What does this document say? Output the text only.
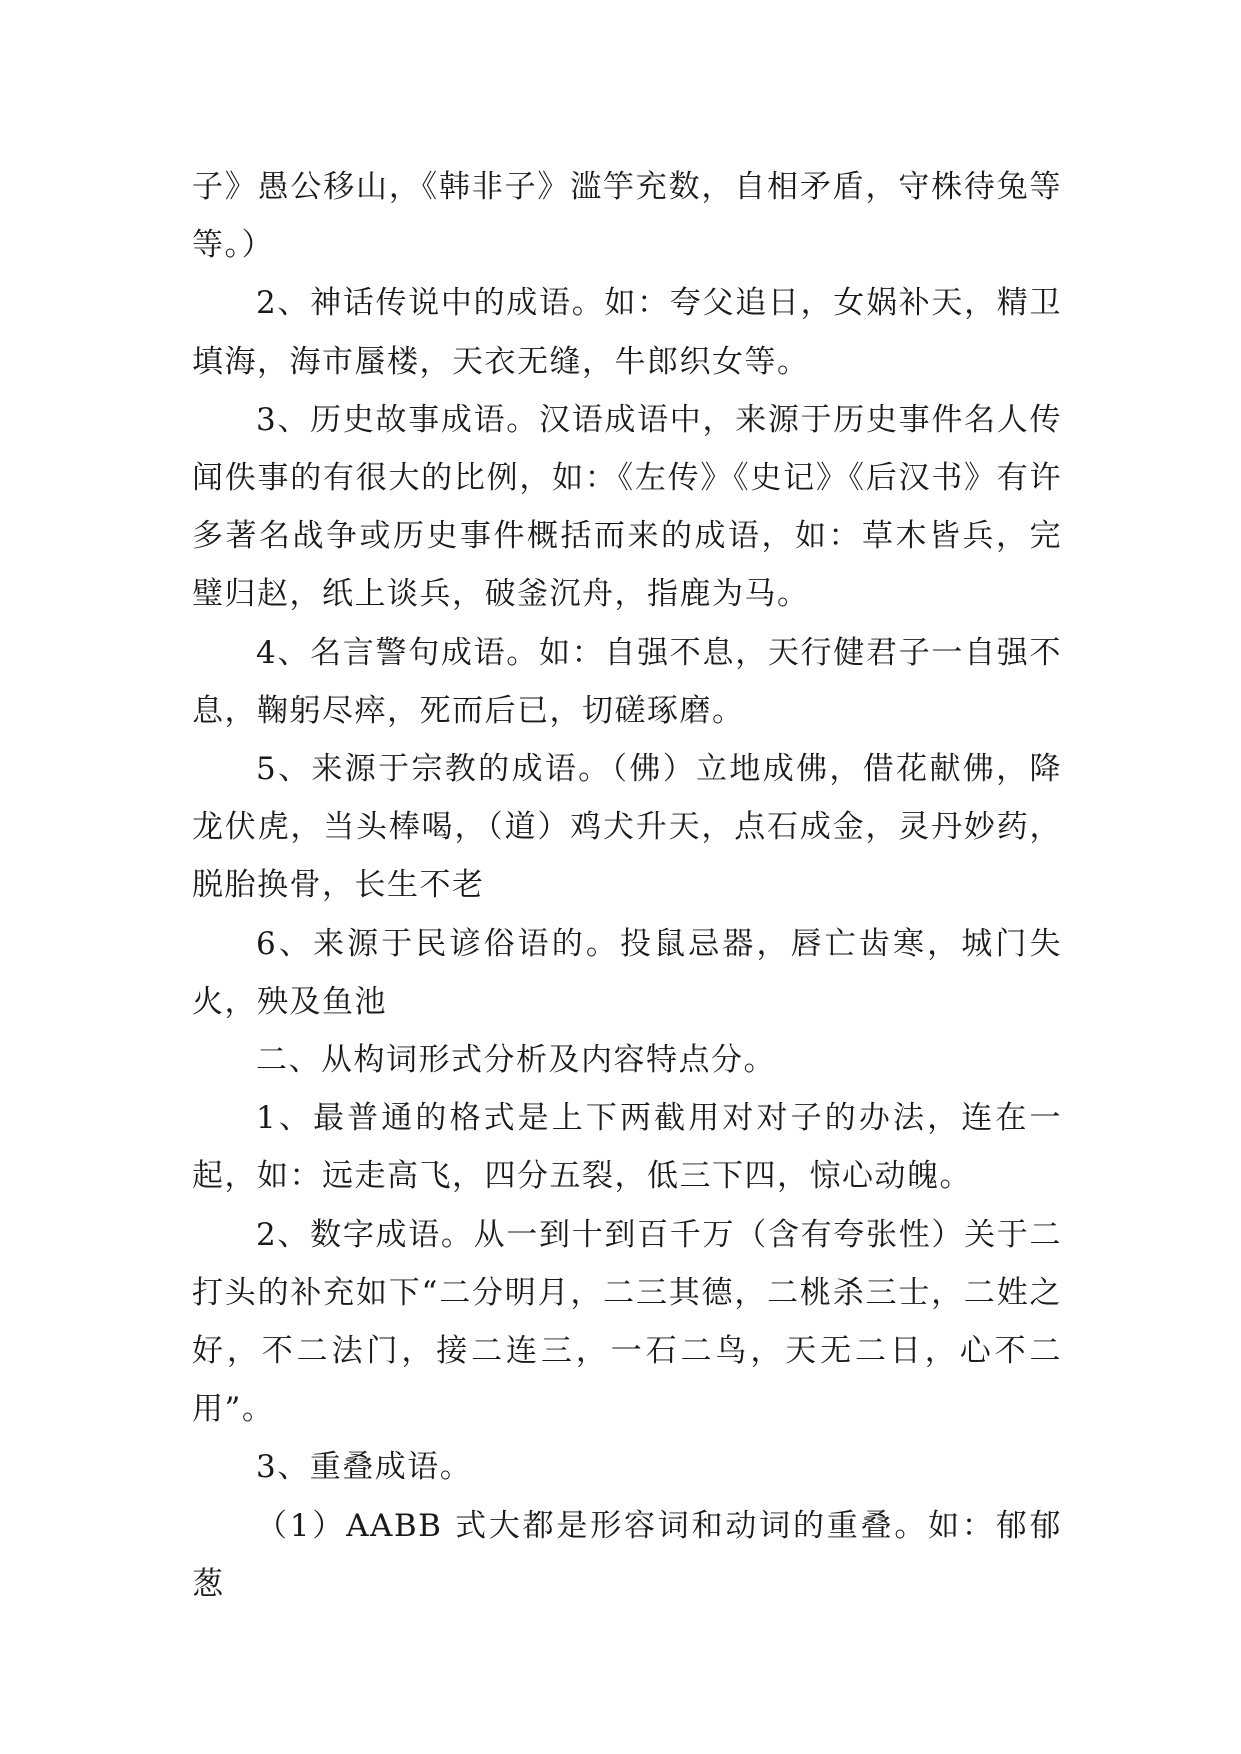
子》愚公移山，《韩非子》滥竽充数，自相矛盾，守株待兔等等。）

2、神话传说中的成语。如：夸父追日，女娲补天，精卫填海，海市蜃楼，天衣无缝，牛郎织女等。

3、历史故事成语。汉语成语中，来源于历史事件名人传闻佚事的有很大的比例，如：《左传》《史记》《后汉书》有许多著名战争或历史事件概括而来的成语，如：草木皆兵，完璧归赵，纸上谈兵，破釜沉舟，指鹿为马。

4、名言警句成语。如：自强不息，天行健君子一自强不息，鞠躬尽瘁，死而后已，切磋琢磨。

5、来源于宗教的成语。（佛）立地成佛，借花献佛，降龙伏虎，当头棒喝，（道）鸡犬升天，点石成金，灵丹妙药，脱胎换骨，长生不老

6、来源于民谚俗语的。投鼠忌器，唇亡齿寒，城门失火，殃及鱼池

二、从构词形式分析及内容特点分。

1、最普通的格式是上下两截用对对子的办法，连在一起，如：远走高飞，四分五裂，低三下四，惊心动魄。

2、数字成语。从一到十到百千万（含有夸张性）关于二打头的补充如下“二分明月，二三其德，二桃杀三士，二姓之好，不二法门，接二连三，一石二鸟，天无二日，心不二用”。

3、重叠成语。

（1）AABB 式大都是形容词和动词的重叠。如：郁郁葱
